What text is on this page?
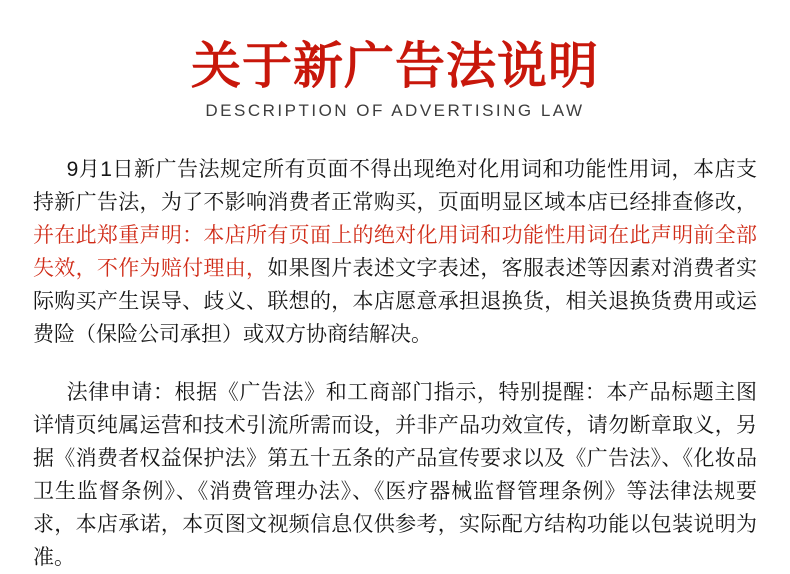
关于新广告法说明
DESCRIPTION OF ADVERTISING LAW

9月1日新广告法规定所有页面不得出现绝对化用词和功能性用词，本店支持新广告法，为了不影响消费者正常购买，页面明显区域本店已经排查修改，并在此郑重声明：本店所有页面上的绝对化用词和功能性用词在此声明前全部失效，不作为赔付理由，如果图片表述文字表述，客服表述等因素对消费者实际购买产生误导、歧义、联想的，本店愿意承担退换货，相关退换货费用或运费险（保险公司承担）或双方协商结解决。

法律申请：根据《广告法》和工商部门指示，特别提醒：本产品标题主图详情页纯属运营和技术引流所需而设，并非产品功效宣传，请勿断章取义，另据《消费者权益保护法》第五十五条的产品宣传要求以及《广告法》、《化妆品卫生监督条例》、《消费管理办法》、《医疗器械监督管理条例》等法律法规要求，本店承诺，本页图文视频信息仅供参考，实际配方结构功能以包装说明为准。
